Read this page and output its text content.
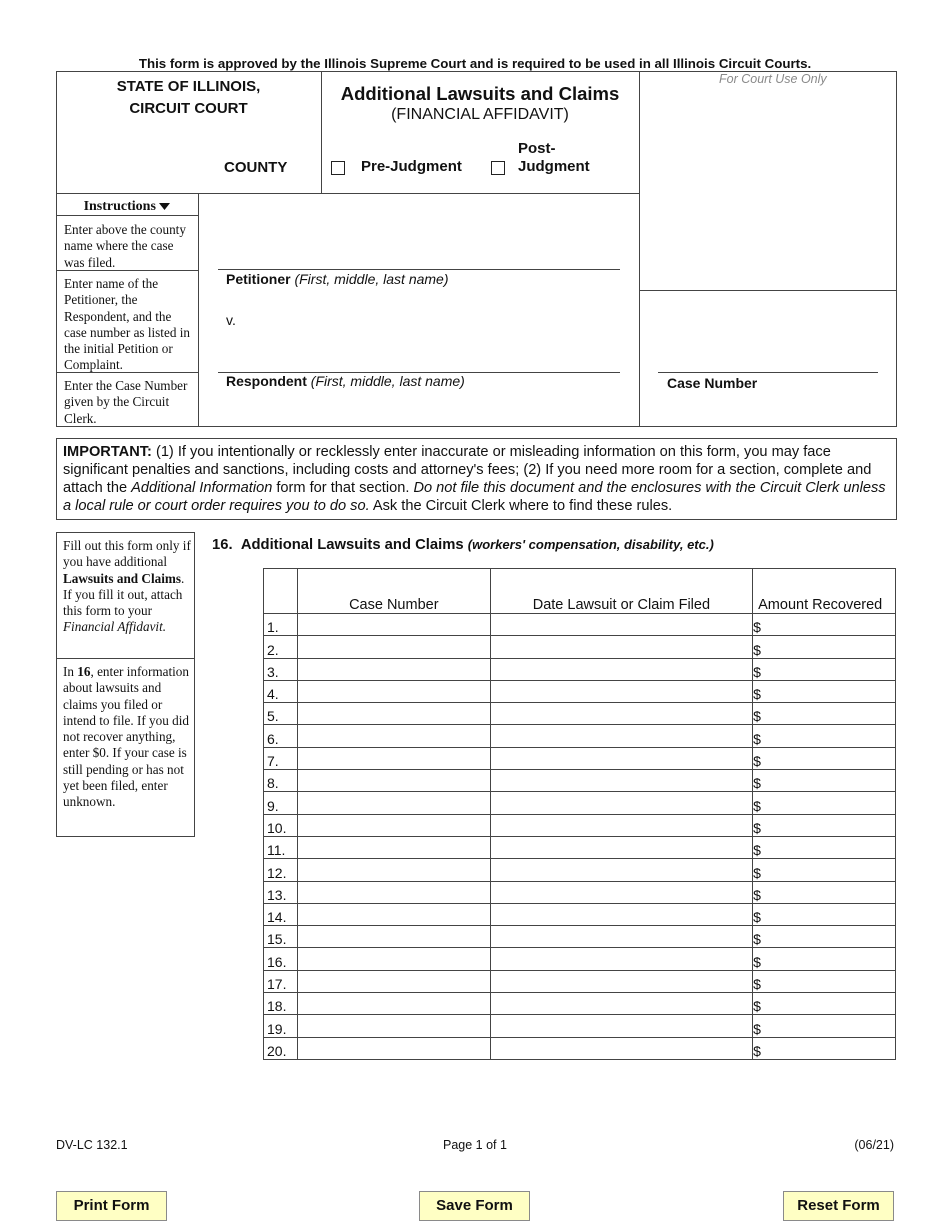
This form is approved by the Illinois Supreme Court and is required to be used in all Illinois Circuit Courts.
STATE OF ILLINOIS,
CIRCUIT COURT
COUNTY
Additional Lawsuits and Claims
(FINANCIAL AFFIDAVIT)
Pre-Judgment
Post-
Judgment
For Court Use Only
Instructions
Enter above the county name where the case was filed.
Enter name of the Petitioner, the Respondent, and the case number as listed in the initial Petition or Complaint.
Enter the Case Number given by the Circuit Clerk.
Petitioner (First, middle, last name)
v.
Respondent (First, middle, last name)	Case Number
IMPORTANT: (1) If you intentionally or recklessly enter inaccurate or misleading information on this form, you may face significant penalties and sanctions, including costs and attorney's fees; (2) If you need more room for a section, complete and attach the Additional Information form for that section. Do not file this document and the enclosures with the Circuit Clerk unless a local rule or court order requires you to do so. Ask the Circuit Clerk where to find these rules.
Fill out this form only if you have additional Lawsuits and Claims. If you fill it out, attach this form to your Financial Affidavit.
In 16, enter information about lawsuits and claims you filed or intend to file. If you did not recover anything, enter $0. If your case is still pending or has not yet been filed, enter unknown.
16. Additional Lawsuits and Claims (workers' compensation, disability, etc.)
	Case Number	Date Lawsuit or Claim Filed	Amount Recovered
1.			$
2.			$
3.			$
4.			$
5.			$
6.			$
7.			$
8.			$
9.			$
10.			$
11.			$
12.			$
13.			$
14.			$
15.			$
16.			$
17.			$
18.			$
19.			$
20.			$
DV-LC 132.1	Page 1 of 1	(06/21)
Print Form	Save Form	Reset Form
